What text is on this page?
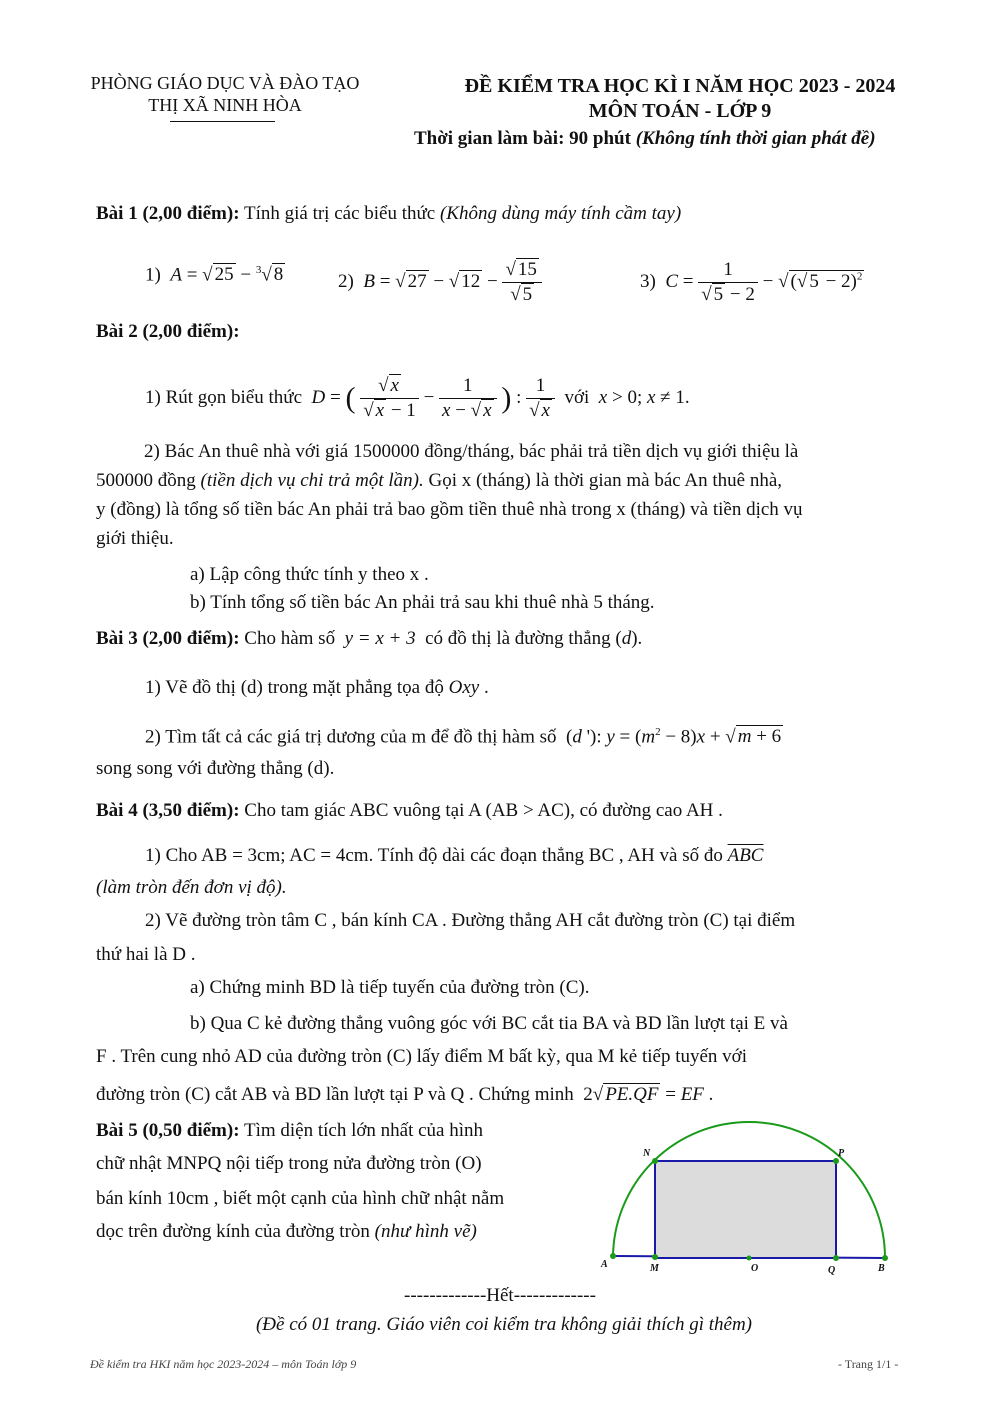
PHÒNG GIÁO DỤC VÀ ĐÀO TẠO
THỊ XÃ NINH HÒA
ĐỀ KIỂM TRA HỌC KÌ I NĂM HỌC 2023 - 2024
MÔN TOÁN - LỚP 9
Thời gian làm bài: 90 phút (Không tính thời gian phát đề)
Bài 1 (2,00 điểm): Tính giá trị các biểu thức (Không dùng máy tính cầm tay)
1)  A = √ 25 − $^3$√ 8	2)  B = √ 27 − √ $12 - \frac{√ 15}{√ 5}$	3)  $C = \frac{1}{√ 5 - 2}$ − √ (√ 5 − 2)$^2$
Bài 2 (2,00 điểm):
1) Rút gọn biểu thức  D = ( $\frac{√ x}{√ x - 1} - \frac{1}{x - √ x}$ ) : $\frac{1}{√ x}$ với x > 0; x ≠ 1.
2) Bác An thuê nhà với giá 1500000 đồng/tháng, bác phải trả tiền dịch vụ giới thiệu là
500000 đồng (tiền dịch vụ chi trả một lần). Gọi x (tháng) là thời gian mà bác An thuê nhà,
y (đồng) là tổng số tiền bác An phải trả bao gồm tiền thuê nhà trong x (tháng) và tiền dịch vụ
giới thiệu.
a) Lập công thức tính y theo x .
b) Tính tổng số tiền bác An phải trả sau khi thuê nhà 5 tháng.
Bài 3 (2,00 điểm): Cho hàm số  y = x + 3  có đồ thị là đường thẳng (d).
1) Vẽ đồ thị (d) trong mặt phẳng tọa độ Oxy .
2) Tìm tất cả các giá trị dương của m để đồ thị hàm số  (d '): $y = (m^2 - 8)x$ + √ m + 6
song song với đường thẳng (d).
Bài 4 (3,50 điểm): Cho tam giác ABC vuông tại A (AB > AC), có đường cao AH .
1) Cho AB = 3cm; AC = 4cm. Tính độ dài các đoạn thẳng BC , AH và số đo $\overline{ABC}$
(làm tròn đến đơn vị độ).
2) Vẽ đường tròn tâm C , bán kính CA . Đường thẳng AH cắt đường tròn (C) tại điểm
thứ hai là D .
a) Chứng minh BD là tiếp tuyến của đường tròn (C).
b) Qua C kẻ đường thẳng vuông góc với BC cắt tia BA và BD lần lượt tại E và
F . Trên cung nhỏ AD của đường tròn (C) lấy điểm M bất kỳ, qua M kẻ tiếp tuyến với
đường tròn (C) cắt AB và BD lần lượt tại P và Q . Chứng minh  2√ PE.QF = EF .
Bài 5 (0,50 điểm): Tìm diện tích lớn nhất của hình
chữ nhật MNPQ nội tiếp trong nửa đường tròn (O)
bán kính 10cm , biết một cạnh của hình chữ nhật nằm
dọc trên đường kính của đường tròn (như hình vẽ)
N	P
A	M	O	Q	B
-------------Hết-------------
(Đề có 01 trang. Giáo viên coi kiểm tra không giải thích gì thêm)
Đề kiểm tra HKI năm học 2023-2024 – môn Toán lớp 9	- Trang 1/1 -
